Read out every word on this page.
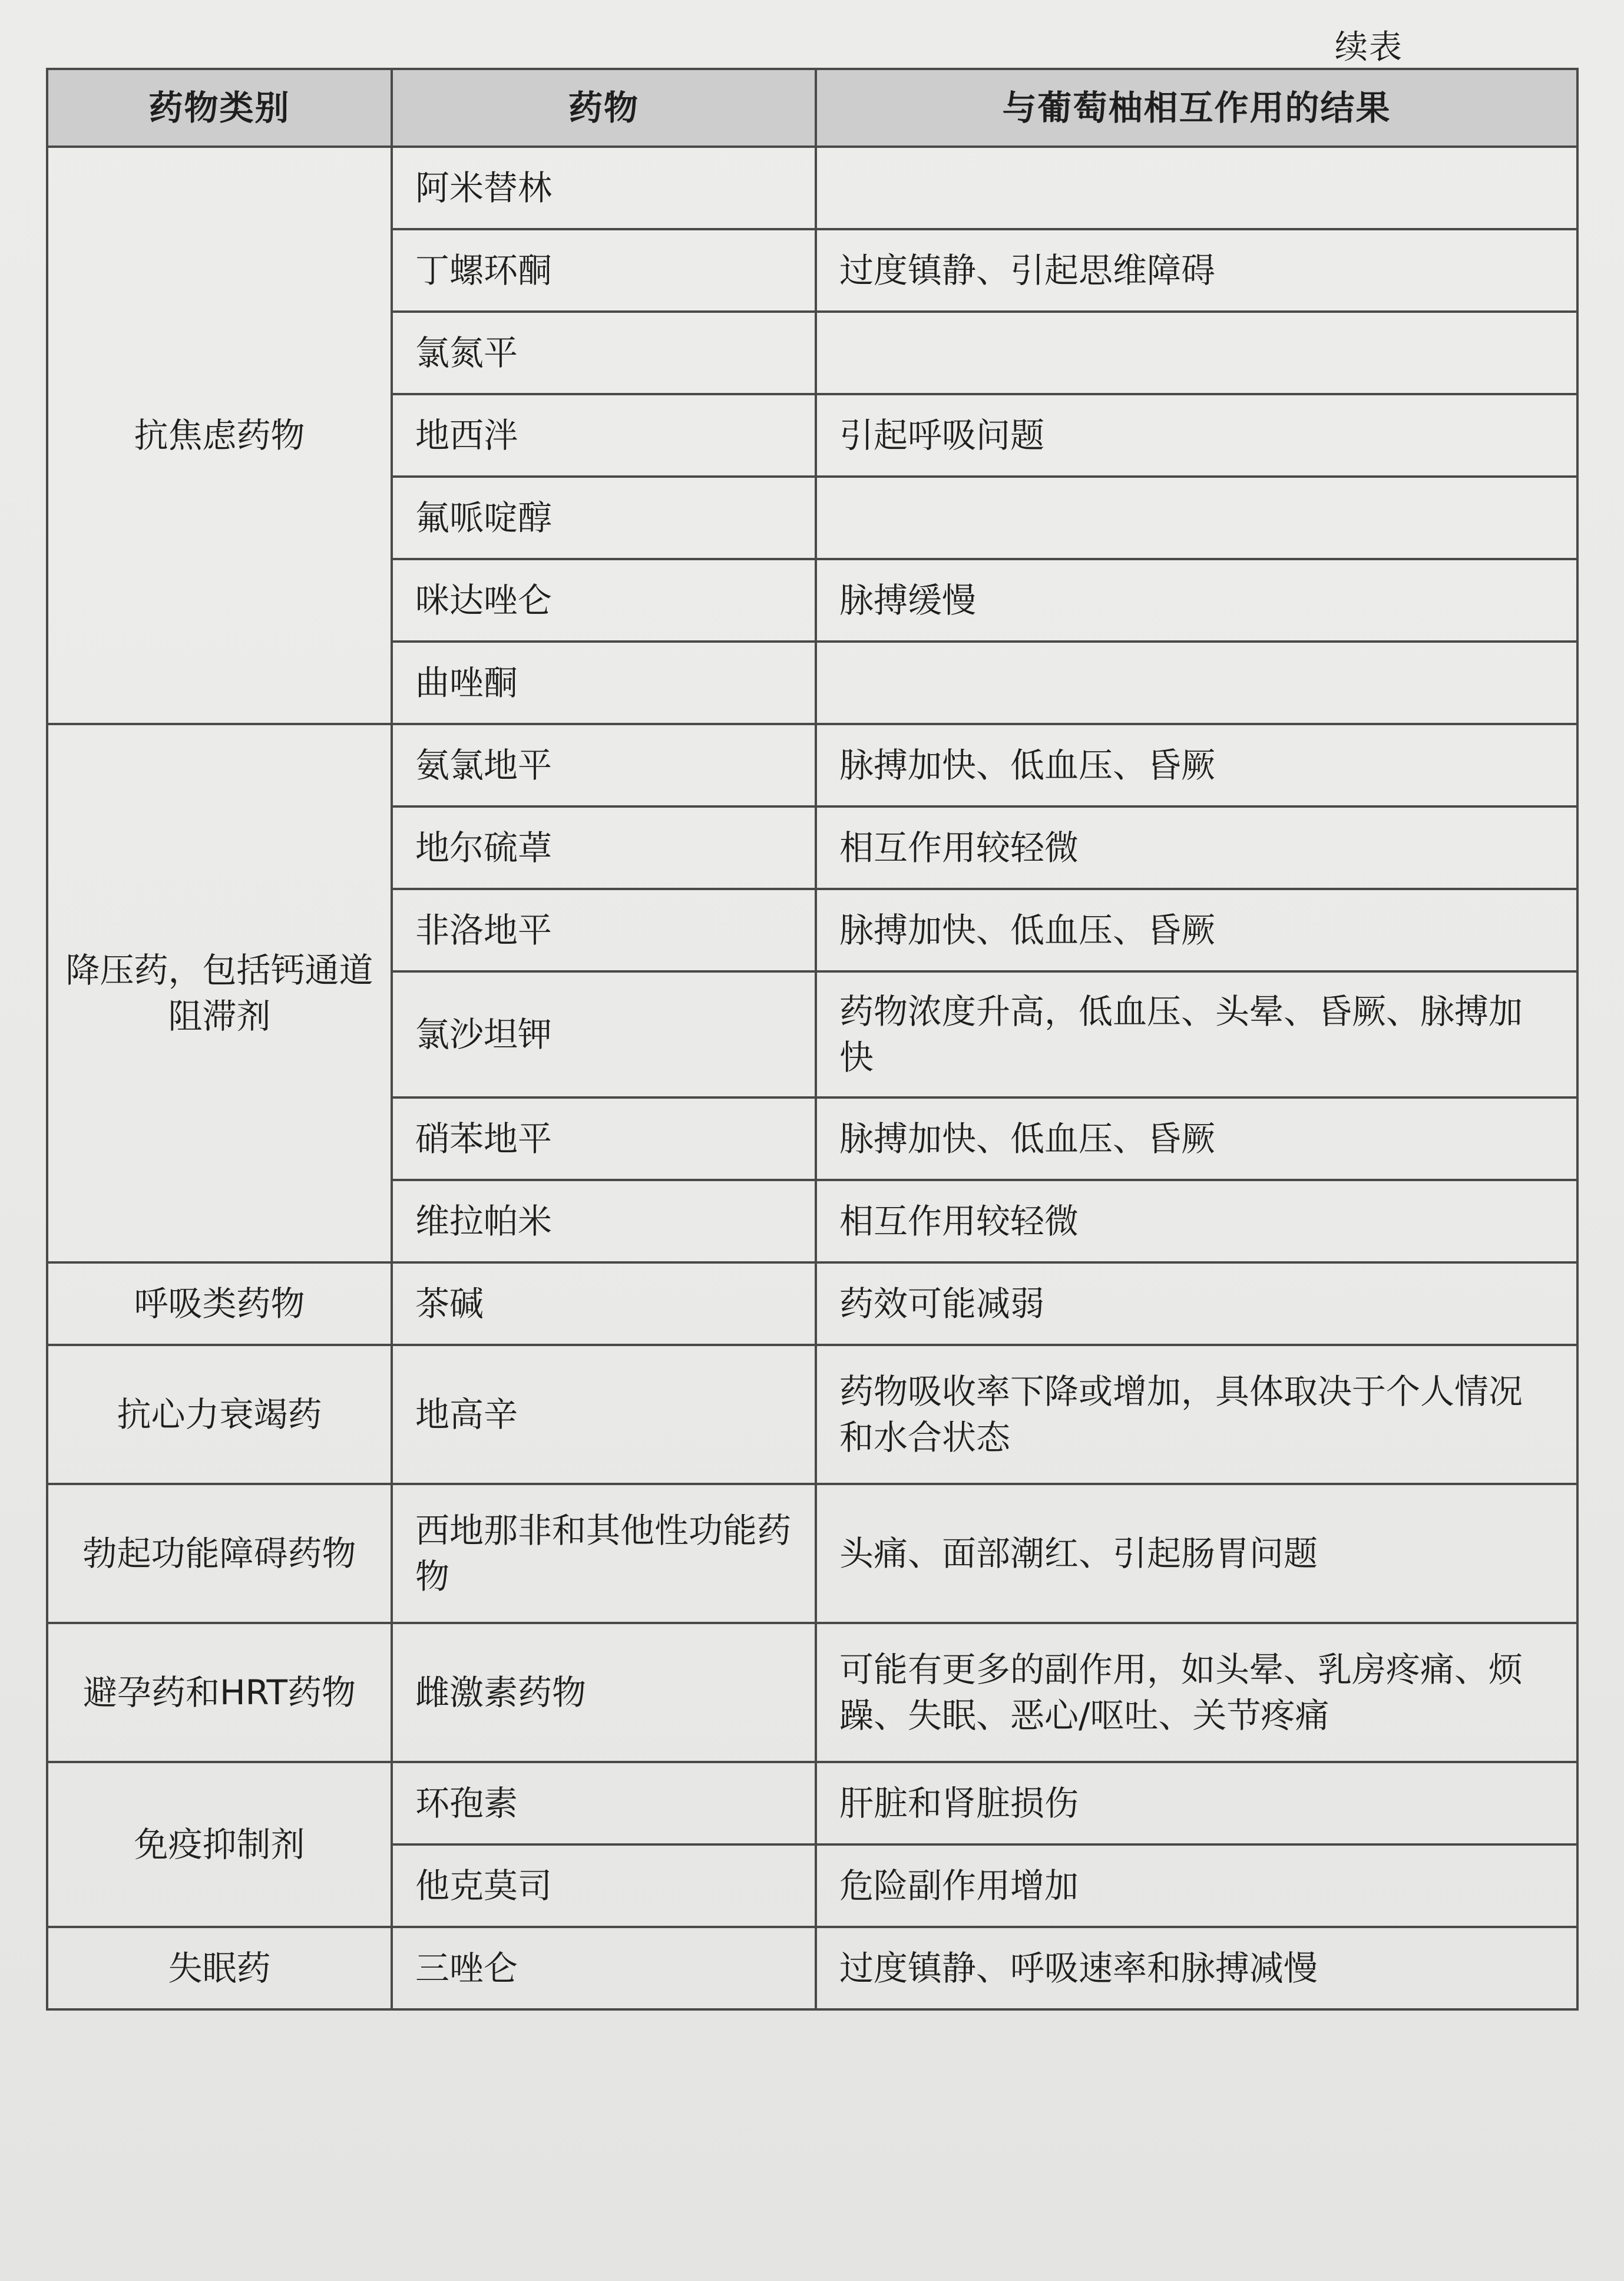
续表
药物类别	药物	与葡萄柚相互作用的结果
抗焦虑药物	阿米替林	
	丁螺环酮	过度镇静、引起思维障碍
	氯氮平	
	地西泮	引起呼吸问题
	氟哌啶醇	
	咪达唑仑	脉搏缓慢
	曲唑酮	
降压药，包括钙通道阻滞剂	氨氯地平	脉搏加快、低血压、昏厥
	地尔硫䓬	相互作用较轻微
	非洛地平	脉搏加快、低血压、昏厥
	氯沙坦钾	药物浓度升高，低血压、头晕、昏厥、脉搏加快
	硝苯地平	脉搏加快、低血压、昏厥
	维拉帕米	相互作用较轻微
呼吸类药物	茶碱	药效可能减弱
抗心力衰竭药	地高辛	药物吸收率下降或增加，具体取决于个人情况和水合状态
勃起功能障碍药物	西地那非和其他性功能药物	头痛、面部潮红、引起肠胃问题
避孕药和HRT药物	雌激素药物	可能有更多的副作用，如头晕、乳房疼痛、烦躁、失眠、恶心/呕吐、关节疼痛
免疫抑制剂	环孢素	肝脏和肾脏损伤
	他克莫司	危险副作用增加
失眠药	三唑仑	过度镇静、呼吸速率和脉搏减慢
